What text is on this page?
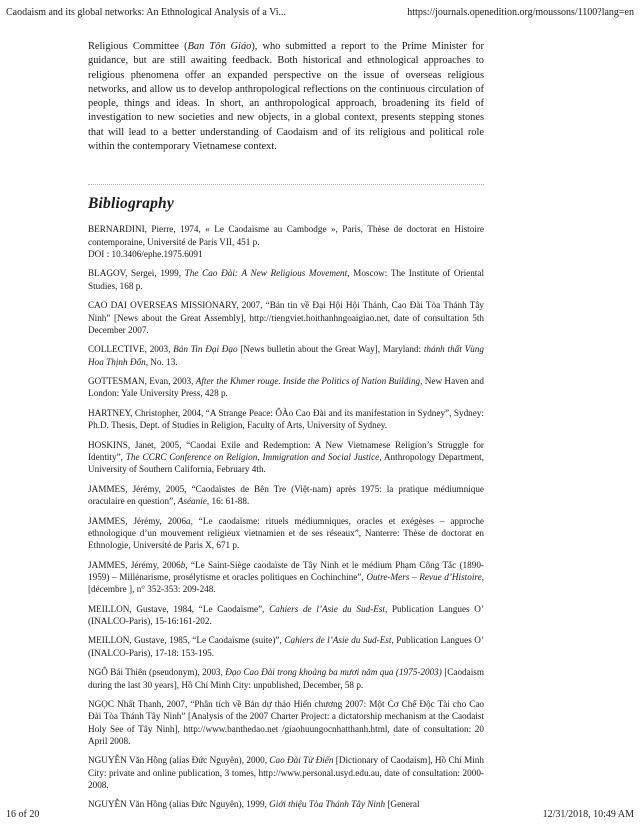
Caodaism and its global networks: An Ethnological Analysis of a Vi...	https://journals.openedition.org/moussons/1100?lang=en

Religious Committee (Ban Tôn Giáo), who submitted a report to the Prime Minister for guidance, but are still awaiting feedback. Both historical and ethnological approaches to religious phenomena offer an expanded perspective on the issue of overseas religious networks, and allow us to develop anthropological reflections on the continuous circulation of people, things and ideas. In short, an anthropological approach, broadening its field of investigation to new societies and new objects, in a global context, presents stepping stones that will lead to a better understanding of Caodaism and of its religious and political role within the contemporary Vietnamese context.

Bibliography
BERNARDINI, Pierre, 1974, « Le Caodaïsme au Cambodge », Paris, Thèse de doctorat en Histoire contemporaine, Université de Paris VII, 451 p.
DOI : 10.3406/ephe.1975.6091
BLAGOV, Sergei, 1999, The Cao Đài: A New Religious Movement, Moscow: The Institute of Oriental Studies, 168 p.
CAO DAI OVERSEAS MISSIONARY, 2007, “Bản tin về Đại Hội Hội Thánh, Cao Đài Tòa Thánh Tây Ninh” [News about the Great Assembly], http://tiengviet.hoithanhngoaigiao.net, date of consultation 5th December 2007.
COLLECTIVE, 2003, Bản Tin Đại Đạo [News bulletin about the Great Way], Maryland: thánh thất Vùng Hoa Thịnh Đốn, No. 13.
GOTTESMAN, Evan, 2003, After the Khmer rouge. Inside the Politics of Nation Building, New Haven and London: Yale University Press, 428 p.
HARTNEY, Christopher, 2004, “A Strange Peace: ÔÀo Cao Đài and its manifestation in Sydney”, Sydney: Ph.D. Thesis, Dept. of Studies in Religion, Faculty of Arts, University of Sydney.
HOSKINS, Janet, 2005, “Caodai Exile and Redemption: A New Vietnamese Religion’s Struggle for Identity”, The CCRC Conference on Religion, Immigration and Social Justice, Anthropology Department, University of Southern California, February 4th.
JAMMES, Jérémy, 2005, “Caodaïstes de Bên Tre (Việt-nam) après 1975: la pratique médiumnique oraculaire en question”, Aséanie, 16: 61-88.
JAMMES, Jérémy, 2006a, “Le caodaïsme: rituels médiumniques, oracles et exégèses – approche ethnologique d’un mouvement religieux vietnamien et de ses réseaux”, Nanterre: Thèse de doctorat en Ethnologie, Université de Paris X, 671 p.
JAMMES, Jérémy, 2006b, “Le Saint-Siège caodaïste de Tây Ninh et le médium Phạm Công Tắc (1890-1959) – Millénarisme, prosélytisme et oracles politiques en Cochinchine”, Outre-Mers – Revue d’Histoire, [décembre ], n° 352-353: 209-248.
MEILLON, Gustave, 1984, “Le Caodaïsme”, Cahiers de l’Asie du Sud-Est, Publication Langues O’ (INALCO-Paris), 15-16:161-202.
MEILLON, Gustave, 1985, “Le Caodaïsme (suite)”, Cahiers de l’Asie du Sud-Est, Publication Langues O’ (INALCO-Paris), 17-18: 153-195.
NGÔ Bái Thiên (pseudonym), 2003, Đạo Cao Đài trong khoảng ba mươi năm qua (1975-2003) [Caodaism during the last 30 years], Hồ Chí Minh City: unpublished, December, 58 p.
NGỌC Nhất Thanh, 2007, “Phân tích về Bản dự thảo Hiến chương 2007: Một Cơ Chế Độc Tài cho Cao Đài Tòa Thánh Tây Ninh” [Analysis of the 2007 Charter Project: a dictatorship mechanism at the Caodaist Holy See of Tây Ninh], http://www.banthedao.net /giaohuungocnhatthanh.html, date of consultation: 20 April 2008.
NGUYỄN Văn Hồng (alias Đức Nguyên), 2000, Cao Đài Từ Điển [Dictionary of Caodaism], Hồ Chí Minh City: private and online publication, 3 tomes, http://www.personal.usyd.edu.au, date of consultation: 2000-2008.
NGUYỄN Văn Hồng (alias Đức Nguyên), 1999, Giới thiệu Tòa Thánh Tây Ninh [General
16 of 20	12/31/2018, 10:49 AM
